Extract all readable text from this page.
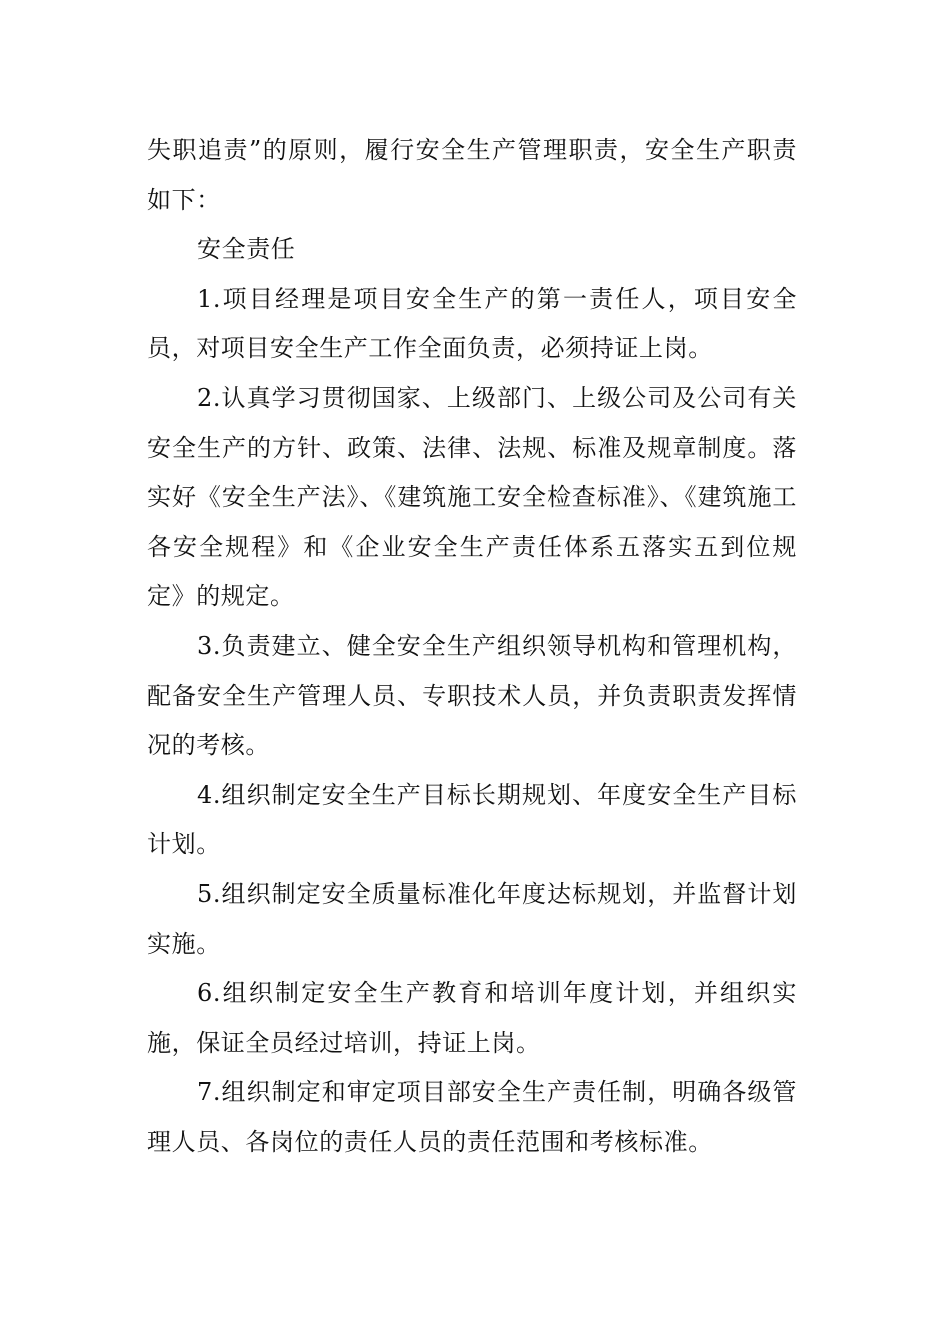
失职追责”的原则，履行安全生产管理职责，安全生产职责如下：

安全责任

1.项目经理是项目安全生产的第一责任人，项目安全员，对项目安全生产工作全面负责，必须持证上岗。

2.认真学习贯彻国家、上级部门、上级公司及公司有关安全生产的方针、政策、法律、法规、标准及规章制度。落实好《安全生产法》、《建筑施工安全检查标准》、《建筑施工各安全规程》和《企业安全生产责任体系五落实五到位规定》的规定。

3.负责建立、健全安全生产组织领导机构和管理机构，配备安全生产管理人员、专职技术人员，并负责职责发挥情况的考核。

4.组织制定安全生产目标长期规划、年度安全生产目标计划。

5.组织制定安全质量标准化年度达标规划，并监督计划实施。

6.组织制定安全生产教育和培训年度计划，并组织实施，保证全员经过培训，持证上岗。

7.组织制定和审定项目部安全生产责任制，明确各级管理人员、各岗位的责任人员的责任范围和考核标准。
